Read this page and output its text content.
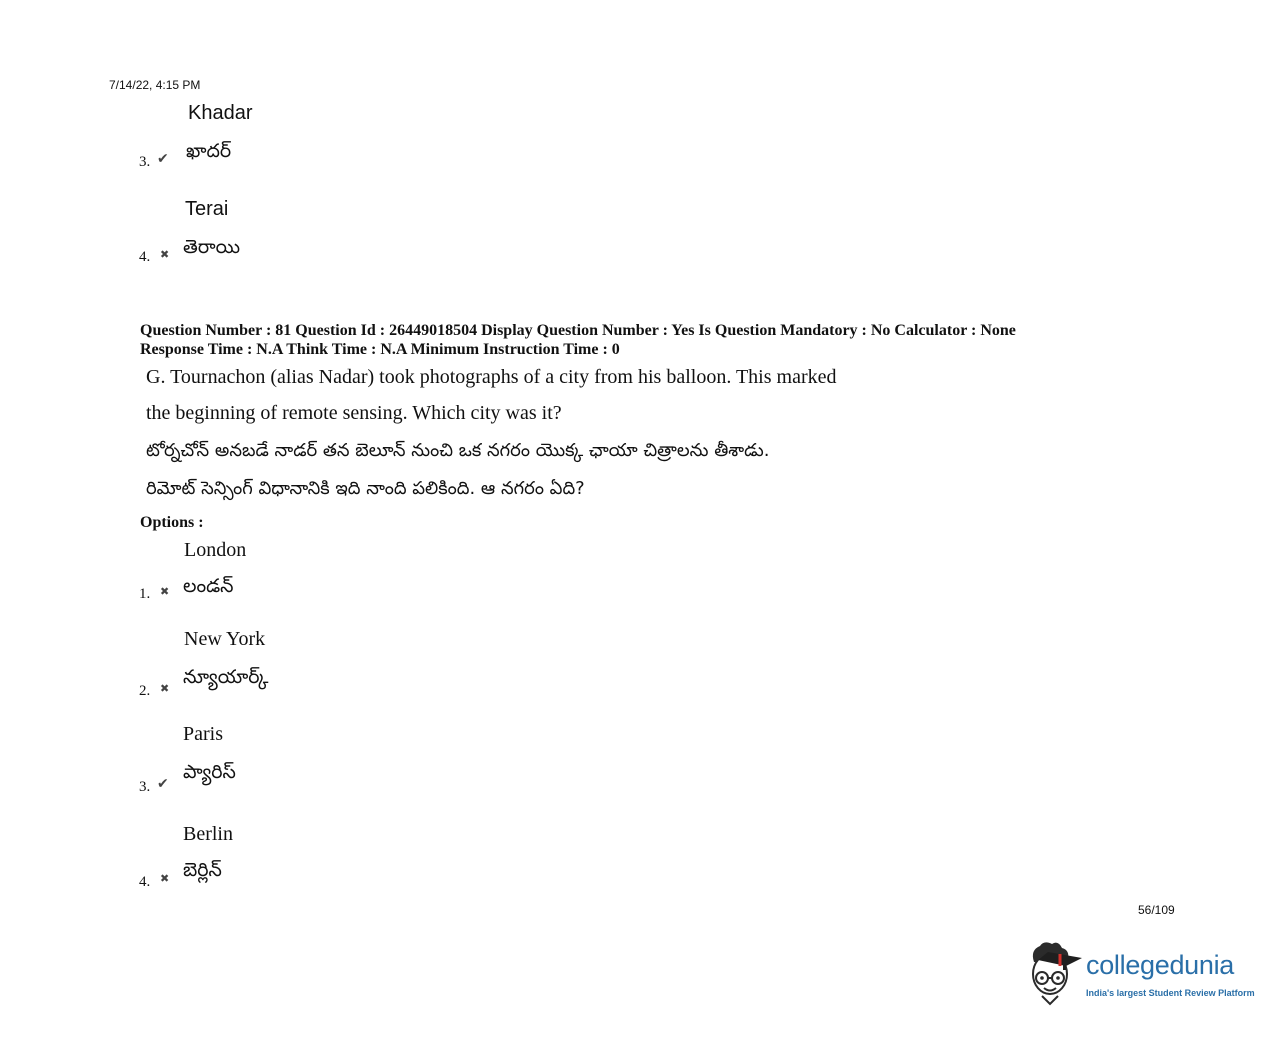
7/14/22, 4:15 PM
Khadar
3. ✔ ఖాదర్
Terai
4. ✖ తెరాయి
Question Number : 81 Question Id : 26449018504 Display Question Number : Yes Is Question Mandatory : No Calculator : None
Response Time : N.A Think Time : N.A Minimum Instruction Time : 0
G. Tournachon (alias Nadar) took photographs of a city from his balloon. This marked
the beginning of remote sensing. Which city was it?
టోర్నచోన్ అనబడే నాడర్ తన బెలూన్ నుంచి ఒక నగరం యొక్క ఛాయా చిత్రాలను తీశాడు.
రిమోట్ సెన్సింగ్ విధానానికి ఇది నాంది పలికింది. ఆ నగరం ఏది?
Options :
London
1. ✖ లండన్
New York
2. ✖
న్యూయార్క్
Paris
3. ✔
ప్యారిస్
Berlin
4. ✖ బెర్లిన్
56/109
collegedunia
India's largest Student Review Platform
